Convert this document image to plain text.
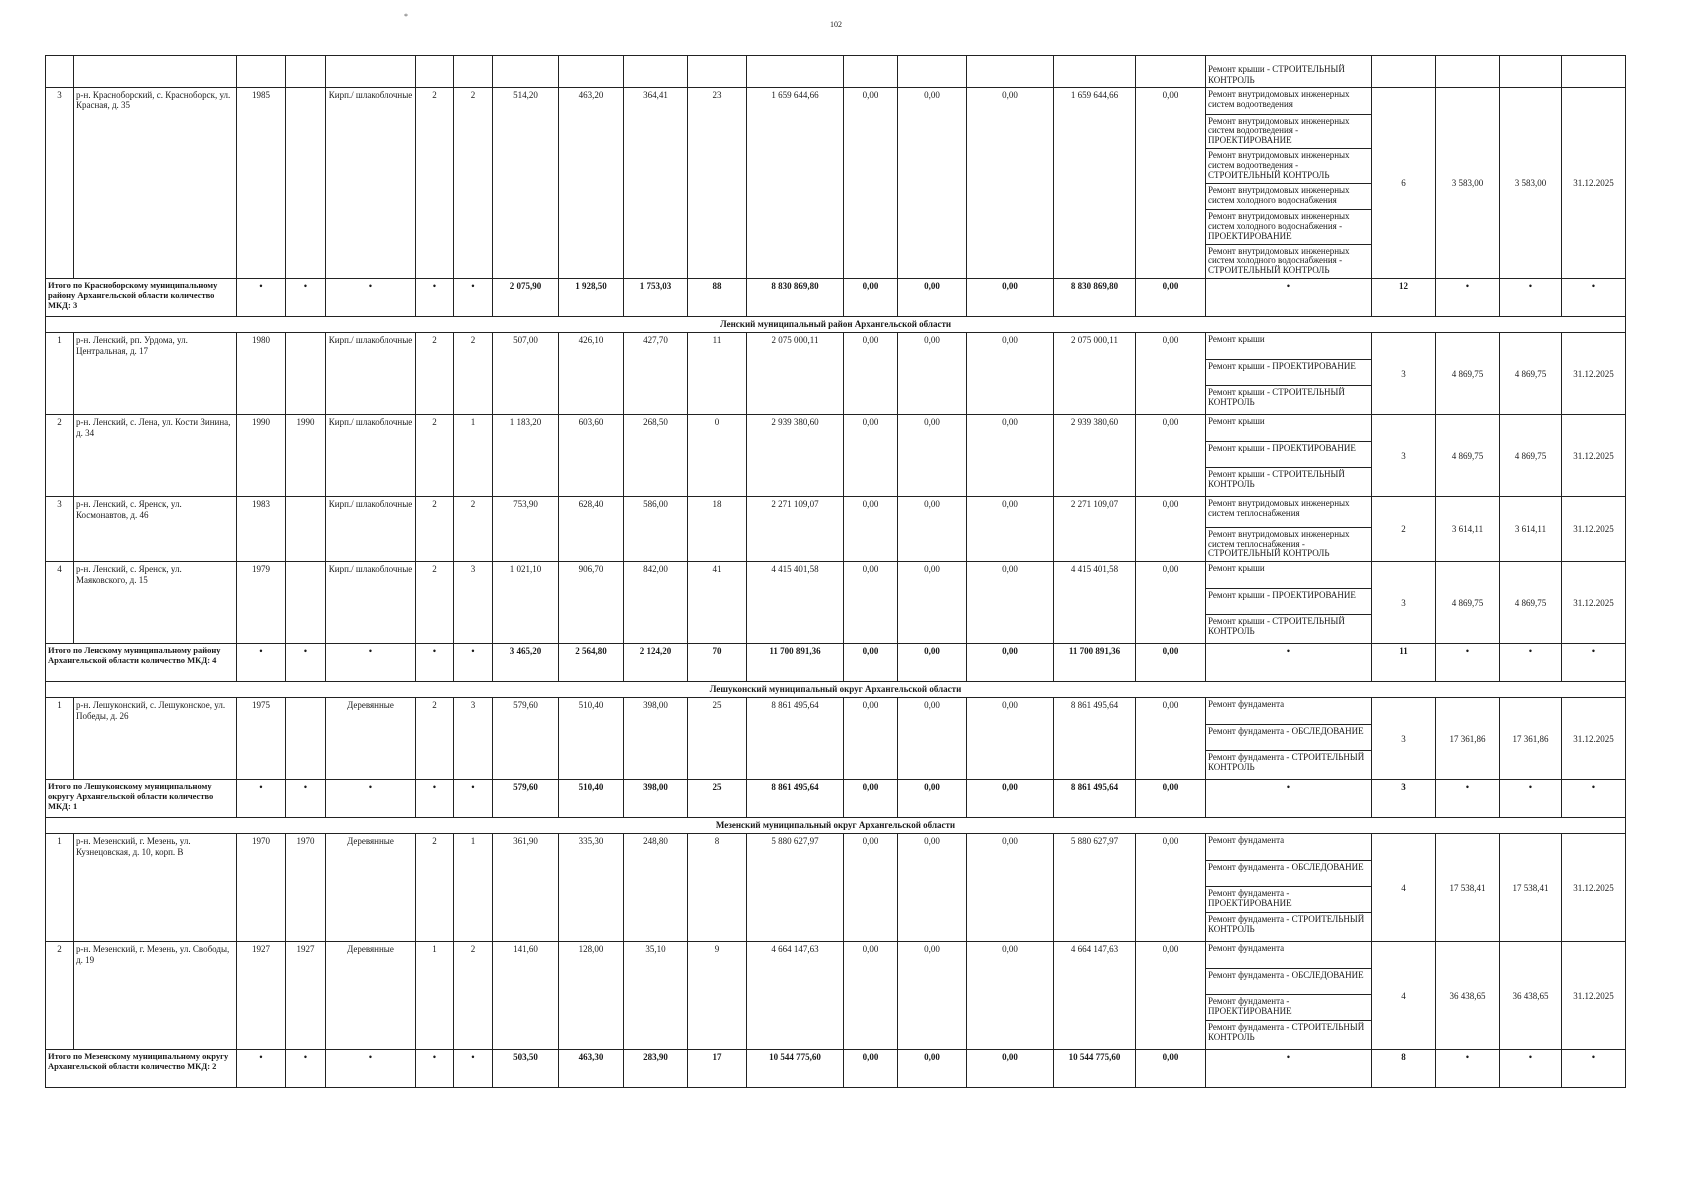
*
102
																	Ремонт крыши - СТРОИТЕЛЬНЫЙ КОНТРОЛЬ				
3	р-н. Красноборский, с. Красноборск, ул. Красная, д. 35	1985		Кирп./ шлакоблочные	2	2	514,20	463,20	364,41	23	1 659 644,66	0,00	0,00	0,00	1 659 644,66	0,00		Ремонт внутридомовых инженерных систем водоотведения
Ремонт внутридомовых инженерных систем водоотведения - ПРОЕКТИРОВАНИЕ
Ремонт внутридомовых инженерных систем водоотведения - СТРОИТЕЛЬНЫЙ КОНТРОЛЬ
Ремонт внутридомовых инженерных систем холодного водоснабжения
Ремонт внутридомовых инженерных систем холодного водоснабжения - ПРОЕКТИРОВАНИЕ
Ремонт внутридомовых инженерных систем холодного водоснабжения - СТРОИТЕЛЬНЫЙ КОНТРОЛЬ
	6	3 583,00	3 583,00	31.12.2025
Итого по Красноборскому муниципальному району Архангельской области количество МКД: 3	•	•	•	•	•	2 075,90	1 928,50	1 753,03	88	8 830 869,80	0,00	0,00	0,00	8 830 869,80	0,00	•	12	•	•	•
Ленский муниципальный район Архангельской области
1	р-н. Ленский, рп. Урдома, ул. Центральная, д. 17	1980		Кирп./ шлакоблочные	2	2	507,00	426,10	427,70	11	2 075 000,11	0,00	0,00	0,00	2 075 000,11	0,00		Ремонт крыши
Ремонт крыши - ПРОЕКТИРОВАНИЕ
Ремонт крыши - СТРОИТЕЛЬНЫЙ КОНТРОЛЬ
	3	4 869,75	4 869,75	31.12.2025
2	р-н. Ленский, с. Лена, ул. Кости Зинина, д. 34	1990	1990	Кирп./ шлакоблочные	2	1	1 183,20	603,60	268,50	0	2 939 380,60	0,00	0,00	0,00	2 939 380,60	0,00		Ремонт крыши
Ремонт крыши - ПРОЕКТИРОВАНИЕ
Ремонт крыши - СТРОИТЕЛЬНЫЙ КОНТРОЛЬ
	3	4 869,75	4 869,75	31.12.2025
3	р-н. Ленский, с. Яренск, ул. Космонавтов, д. 46	1983		Кирп./ шлакоблочные	2	2	753,90	628,40	586,00	18	2 271 109,07	0,00	0,00	0,00	2 271 109,07	0,00		Ремонт внутридомовых инженерных систем теплоснабжения
Ремонт внутридомовых инженерных систем теплоснабжения - СТРОИТЕЛЬНЫЙ КОНТРОЛЬ
	2	3 614,11	3 614,11	31.12.2025
4	р-н. Ленский, с. Яренск, ул. Маяковского, д. 15	1979		Кирп./ шлакоблочные	2	3	1 021,10	906,70	842,00	41	4 415 401,58	0,00	0,00	0,00	4 415 401,58	0,00		Ремонт крыши
Ремонт крыши - ПРОЕКТИРОВАНИЕ
Ремонт крыши - СТРОИТЕЛЬНЫЙ КОНТРОЛЬ
	3	4 869,75	4 869,75	31.12.2025
Итого по Ленскому муниципальному району Архангельской области количество МКД: 4	•	•	•	•	•	3 465,20	2 564,80	2 124,20	70	11 700 891,36	0,00	0,00	0,00	11 700 891,36	0,00	•	11	•	•	•
Лешуконский муниципальный округ Архангельской области
1	р-н. Лешуконский, с. Лешуконское, ул. Победы, д. 26	1975		Деревянные	2	3	579,60	510,40	398,00	25	8 861 495,64	0,00	0,00	0,00	8 861 495,64	0,00		Ремонт фундамента
Ремонт фундамента - ОБСЛЕДОВАНИЕ
Ремонт фундамента - СТРОИТЕЛЬНЫЙ КОНТРОЛЬ
	3	17 361,86	17 361,86	31.12.2025
Итого по Лешуконскому муниципальному округу Архангельской области количество МКД: 1	•	•	•	•	•	579,60	510,40	398,00	25	8 861 495,64	0,00	0,00	0,00	8 861 495,64	0,00	•	3	•	•	•
Мезенский муниципальный округ Архангельской области
1	р-н. Мезенский, г. Мезень, ул. Кузнецовская, д. 10, корп. В	1970	1970	Деревянные	2	1	361,90	335,30	248,80	8	5 880 627,97	0,00	0,00	0,00	5 880 627,97	0,00		Ремонт фундамента
Ремонт фундамента - ОБСЛЕДОВАНИЕ
Ремонт фундамента - ПРОЕКТИРОВАНИЕ
Ремонт фундамента - СТРОИТЕЛЬНЫЙ КОНТРОЛЬ
	4	17 538,41	17 538,41	31.12.2025
2	р-н. Мезенский, г. Мезень, ул. Свободы, д. 19	1927	1927	Деревянные	1	2	141,60	128,00	35,10	9	4 664 147,63	0,00	0,00	0,00	4 664 147,63	0,00		Ремонт фундамента
Ремонт фундамента - ОБСЛЕДОВАНИЕ
Ремонт фундамента - ПРОЕКТИРОВАНИЕ
Ремонт фундамента - СТРОИТЕЛЬНЫЙ КОНТРОЛЬ
	4	36 438,65	36 438,65	31.12.2025
Итого по Мезенскому муниципальному округу Архангельской области количество МКД: 2	•	•	•	•	•	503,50	463,30	283,90	17	10 544 775,60	0,00	0,00	0,00	10 544 775,60	0,00	•	8	•	•	•
